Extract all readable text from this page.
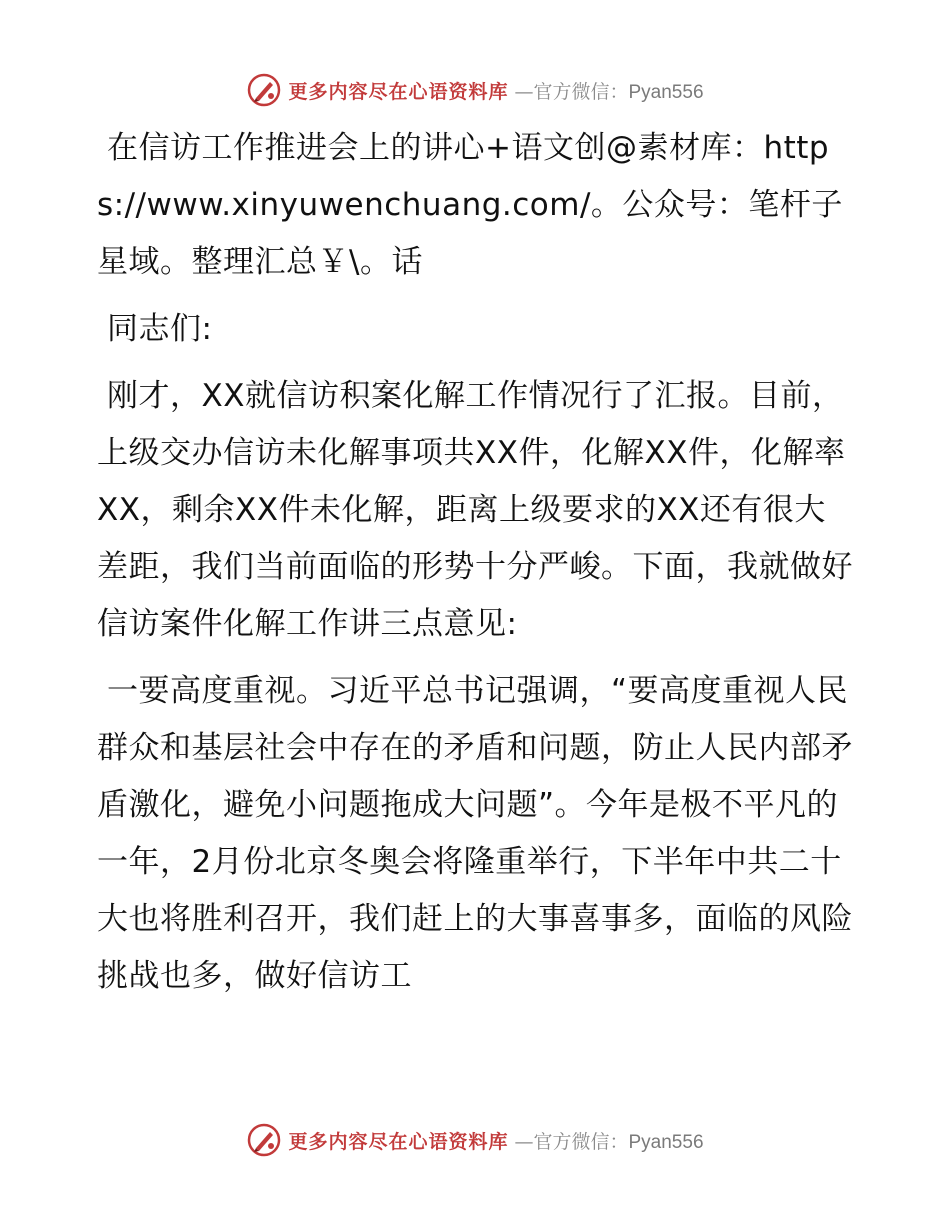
更多内容尽在心语资料库 —官方微信：Pyan556

在信访工作推进会上的讲心+语文创@素材库：https://www.xinyuwenchuang.com/。公众号：笔杆子星域。整理汇总￥\。话

同志们:

刚才，XX就信访积案化解工作情况行了汇报。目前，上级交办信访未化解事项共XX件，化解XX件，化解率XX，剩余XX件未化解，距离上级要求的XX还有很大差距，我们当前面临的形势十分严峻。下面，我就做好信访案件化解工作讲三点意见:

一要高度重视。习近平总书记强调，“要高度重视人民群众和基层社会中存在的矛盾和问题，防止人民内部矛盾激化，避免小问题拖成大问题”。今年是极不平凡的一年，2月份北京冬奥会将隆重举行，下半年中共二十大也将胜利召开，我们赶上的大事喜事多，面临的风险挑战也多，做好信访工

更多内容尽在心语资料库 —官方微信：Pyan556
